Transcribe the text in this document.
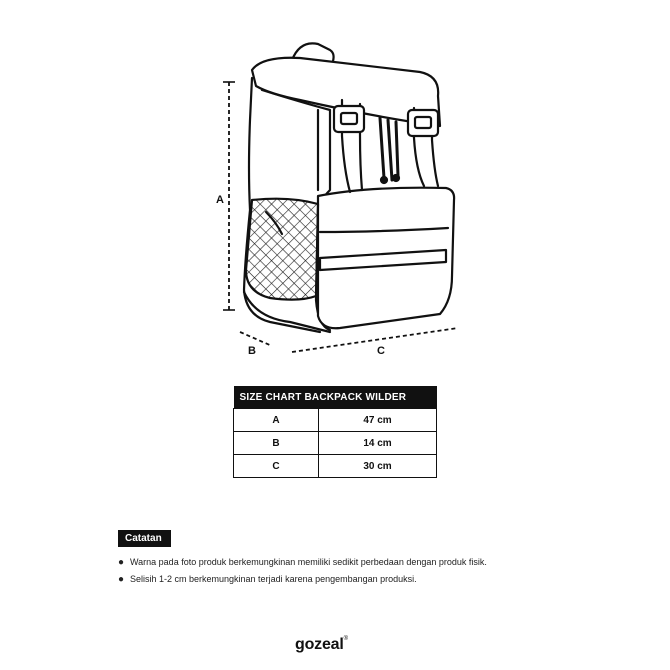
A
B	C
SIZE CHART BACKPACK WILDER	
A	47 cm
B	14 cm
C	30 cm
Catatan
● Warna pada foto produk berkemungkinan memiliki sedikit perbedaan dengan produk fisik.
● Selisih 1-2 cm berkemungkinan terjadi karena pengembangan produksi.
gozeal®
